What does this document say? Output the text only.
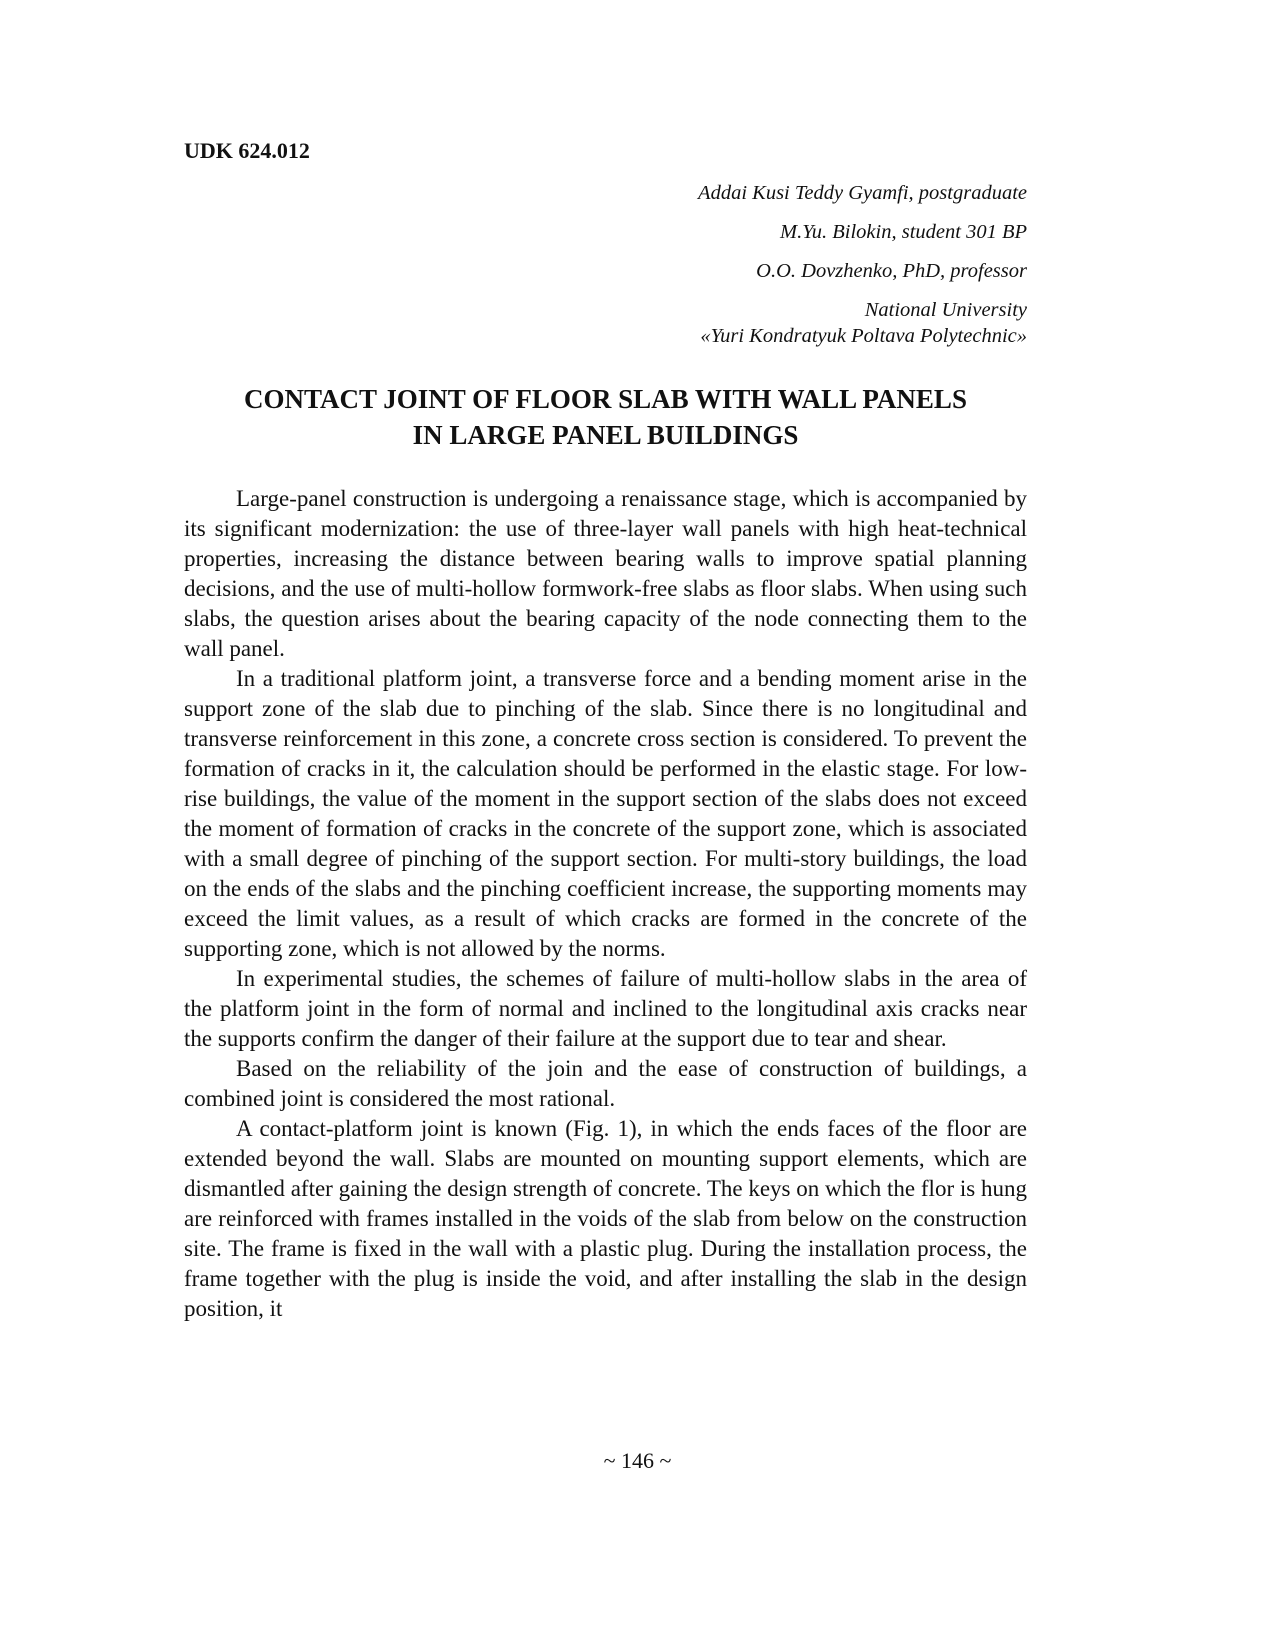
UDK 624.012
Addai Kusi Teddy Gyamfi, postgraduate
M.Yu. Bilokin, student 301 BP
O.O. Dovzhenko, PhD, professor
National University
«Yuri Kondratyuk Poltava Polytechnic»
CONTACT JOINT OF FLOOR SLAB WITH WALL PANELS
IN LARGE PANEL BUILDINGS

Large-panel construction is undergoing a renaissance stage, which is accompanied by its significant modernization: the use of three-layer wall panels with high heat-technical properties, increasing the distance between bearing walls to improve spatial planning decisions, and the use of multi-hollow formwork-free slabs as floor slabs. When using such slabs, the question arises about the bearing capacity of the node connecting them to the wall panel.

In a traditional platform joint, a transverse force and a bending moment arise in the support zone of the slab due to pinching of the slab. Since there is no longitudinal and transverse reinforcement in this zone, a concrete cross section is considered. To prevent the formation of cracks in it, the calculation should be performed in the elastic stage. For low-rise buildings, the value of the moment in the support section of the slabs does not exceed the moment of formation of cracks in the concrete of the support zone, which is associated with a small degree of pinching of the support section. For multi-story buildings, the load on the ends of the slabs and the pinching coefficient increase, the supporting moments may exceed the limit values, as a result of which cracks are formed in the concrete of the supporting zone, which is not allowed by the norms.

In experimental studies, the schemes of failure of multi-hollow slabs in the area of the platform joint in the form of normal and inclined to the longitudinal axis cracks near the supports confirm the danger of their failure at the support due to tear and shear.

Based on the reliability of the join and the ease of construction of buildings, a combined joint is considered the most rational.

A contact-platform joint is known (Fig. 1), in which the ends faces of the floor are extended beyond the wall. Slabs are mounted on mounting support elements, which are dismantled after gaining the design strength of concrete. The keys on which the flor is hung are reinforced with frames installed in the voids of the slab from below on the construction site. The frame is fixed in the wall with a plastic plug. During the installation process, the frame together with the plug is inside the void, and after installing the slab in the design position, it

~ 146 ~
